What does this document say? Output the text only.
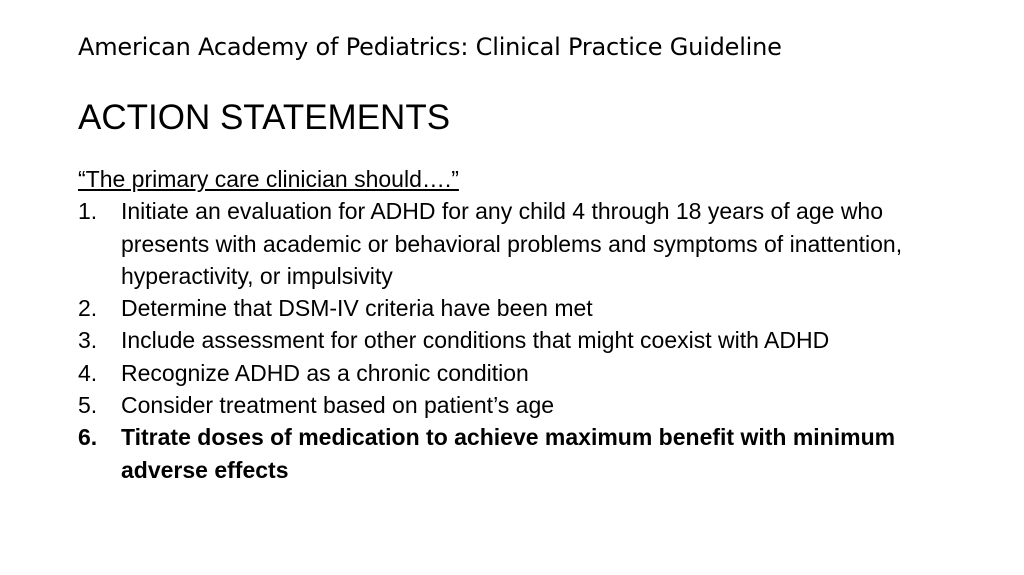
American Academy of Pediatrics: Clinical Practice Guideline
ACTION STATEMENTS
“The primary care clinician should….”
1. Initiate an evaluation for ADHD for any child 4 through 18 years of age who presents with academic or behavioral problems and symptoms of inattention, hyperactivity, or impulsivity
2. Determine that DSM-IV criteria have been met
3. Include assessment for other conditions that might coexist with ADHD
4. Recognize ADHD as a chronic condition
5. Consider treatment based on patient’s age
6. Titrate doses of medication to achieve maximum benefit with minimum adverse effects
